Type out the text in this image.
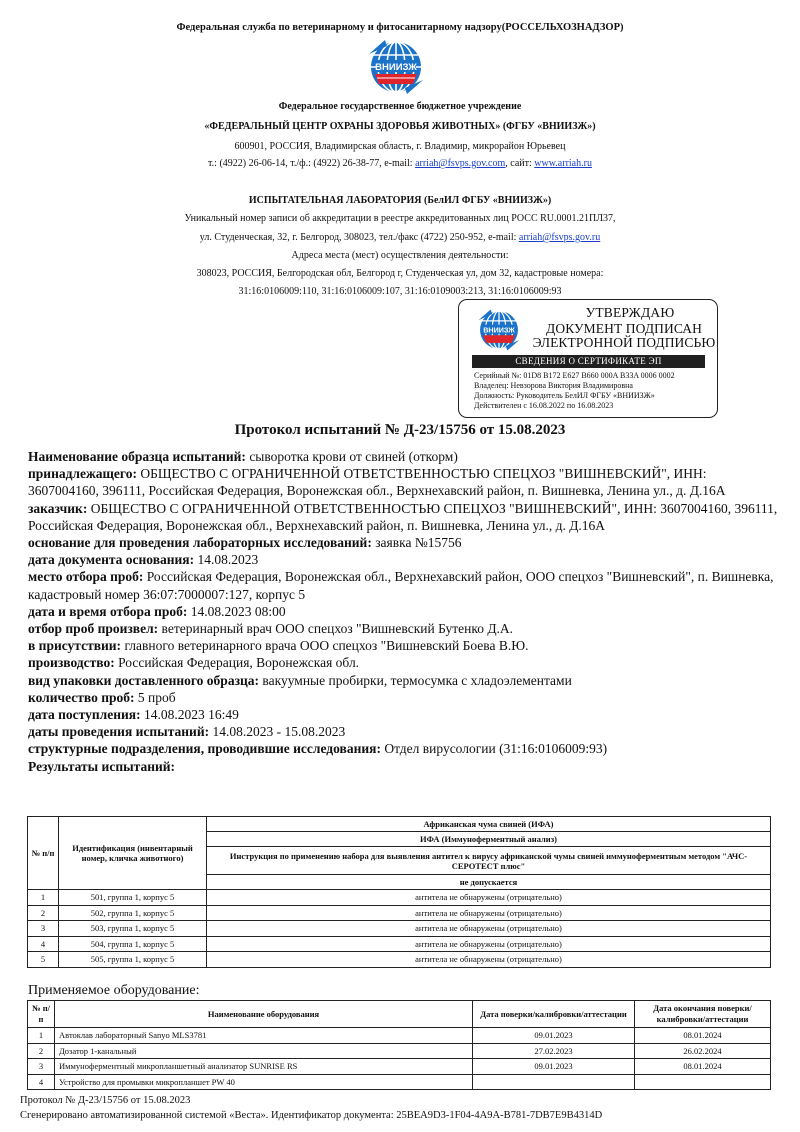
Федеральная служба по ветеринарному и фитосанитарному надзору(РОССЕЛЬХОЗНАДЗОР)
ВНИИЗЖ
Федеральное государственное бюджетное учреждение
«ФЕДЕРАЛЬНЫЙ ЦЕНТР ОХРАНЫ ЗДОРОВЬЯ ЖИВОТНЫХ» (ФГБУ «ВНИИЗЖ»)
600901, РОССИЯ, Владимирская область, г. Владимир, микрорайон Юрьевец
т.: (4922) 26-06-14, т./ф.: (4922) 26-38-77, e-mail: arriah@fsvps.gov.com, сайт: www.arriah.ru
ИСПЫТАТЕЛЬНАЯ ЛАБОРАТОРИЯ (БелИЛ ФГБУ «ВНИИЗЖ»)
Уникальный номер записи об аккредитации в реестре аккредитованных лиц РОСС RU.0001.21ПЛ37,
ул. Студенческая, 32, г. Белгород, 308023, тел./факс (4722) 250-952, e-mail: arriah@fsvps.gov.ru
Адреса места (мест) осуществления деятельности:
308023, РОССИЯ, Белгородская обл, Белгород г, Студенческая ул, дом 32, кадастровые номера:
31:16:0106009:110, 31:16:0106009:107, 31:16:0109003:213, 31:16:0106009:93
ВНИИЗЖ
УТВЕРЖДАЮ
ДОКУМЕНТ ПОДПИСАН
ЭЛЕКТРОННОЙ ПОДПИСЬЮ
СВЕДЕНИЯ О СЕРТИФИКАТЕ ЭП
Серийный №: 01D8 B172 E627 B660 000A B33A 0006 0002
Владелец: Невзорова Виктория Владимировна
Должность: Руководитель БелИЛ ФГБУ «ВНИИЗЖ»
Действителен с 16.08.2022 по 16.08.2023
Протокол испытаний № Д-23/15756 от 15.08.2023
Наименование образца испытаний: сыворотка крови от свиней (откорм)
принадлежащего: ОБЩЕСТВО С ОГРАНИЧЕННОЙ ОТВЕТСТВЕННОСТЬЮ СПЕЦХОЗ "ВИШНЕВСКИЙ", ИНН: 3607004160, 396111, Российская Федерация, Воронежская обл., Верхнехавский район, п. Вишневка, Ленина ул., д. Д.16А
заказчик: ОБЩЕСТВО С ОГРАНИЧЕННОЙ ОТВЕТСТВЕННОСТЬЮ СПЕЦХОЗ "ВИШНЕВСКИЙ", ИНН: 3607004160, 396111, Российская Федерация, Воронежская обл., Верхнехавский район, п. Вишневка, Ленина ул., д. Д.16А
основание для проведения лабораторных исследований: заявка №15756
дата документа основания: 14.08.2023
место отбора проб: Российская Федерация, Воронежская обл., Верхнехавский район, ООО спецхоз "Вишневский", п. Вишневка, кадастровый номер 36:07:7000007:127, корпус 5
дата и время отбора проб: 14.08.2023 08:00
отбор проб произвел: ветеринарный врач ООО спецхоз "Вишневский Бутенко Д.А.
в присутствии: главного ветеринарного врача ООО спецхоз "Вишневский Боева В.Ю.
производство: Российская Федерация, Воронежская обл.
вид упаковки доставленного образца: вакуумные пробирки, термосумка с хладоэлементами
количество проб: 5 проб
дата поступления: 14.08.2023 16:49
даты проведения испытаний: 14.08.2023 - 15.08.2023
структурные подразделения, проводившие исследования: Отдел вирусологии (31:16:0106009:93)
Результаты испытаний:
№ п/п	Идентификация (инвентарный номер, кличка животного)	Африканская чума свиней (ИФА)
		ИФА (Иммуноферментный анализ)
		Инструкция по применению набора для выявления антител к вирусу африканской чумы свиней иммуноферментным методом "АЧС-СЕРОТЕСТ плюс"
		не допускается
1	501, группа 1, корпус 5	антитела не обнаружены (отрицательно)
2	502, группа 1, корпус 5	антитела не обнаружены (отрицательно)
3	503, группа 1, корпус 5	антитела не обнаружены (отрицательно)
4	504, группа 1, корпус 5	антитела не обнаружены (отрицательно)
5	505, группа 1, корпус 5	антитела не обнаружены (отрицательно)
Применяемое оборудование:
№ п/п	Наименование оборудования	Дата поверки/калибровки/аттестации	Дата окончания поверки/калибровки/аттестации
1	Автоклав лабораторный Sanyo MLS3781	09.01.2023	08.01.2024
2	Дозатор 1-канальный	27.02.2023	26.02.2024
3	Иммуноферментный микропланшетный анализатор SUNRISE RS	09.01.2023	08.01.2024
4	Устройство для промывки микропланшет PW 40		
Протокол № Д-23/15756 от 15.08.2023
Сгенерировано автоматизированной системой «Веста». Идентификатор документа: 25BEA9D3-1F04-4A9A-B781-7DB7E9B4314D
